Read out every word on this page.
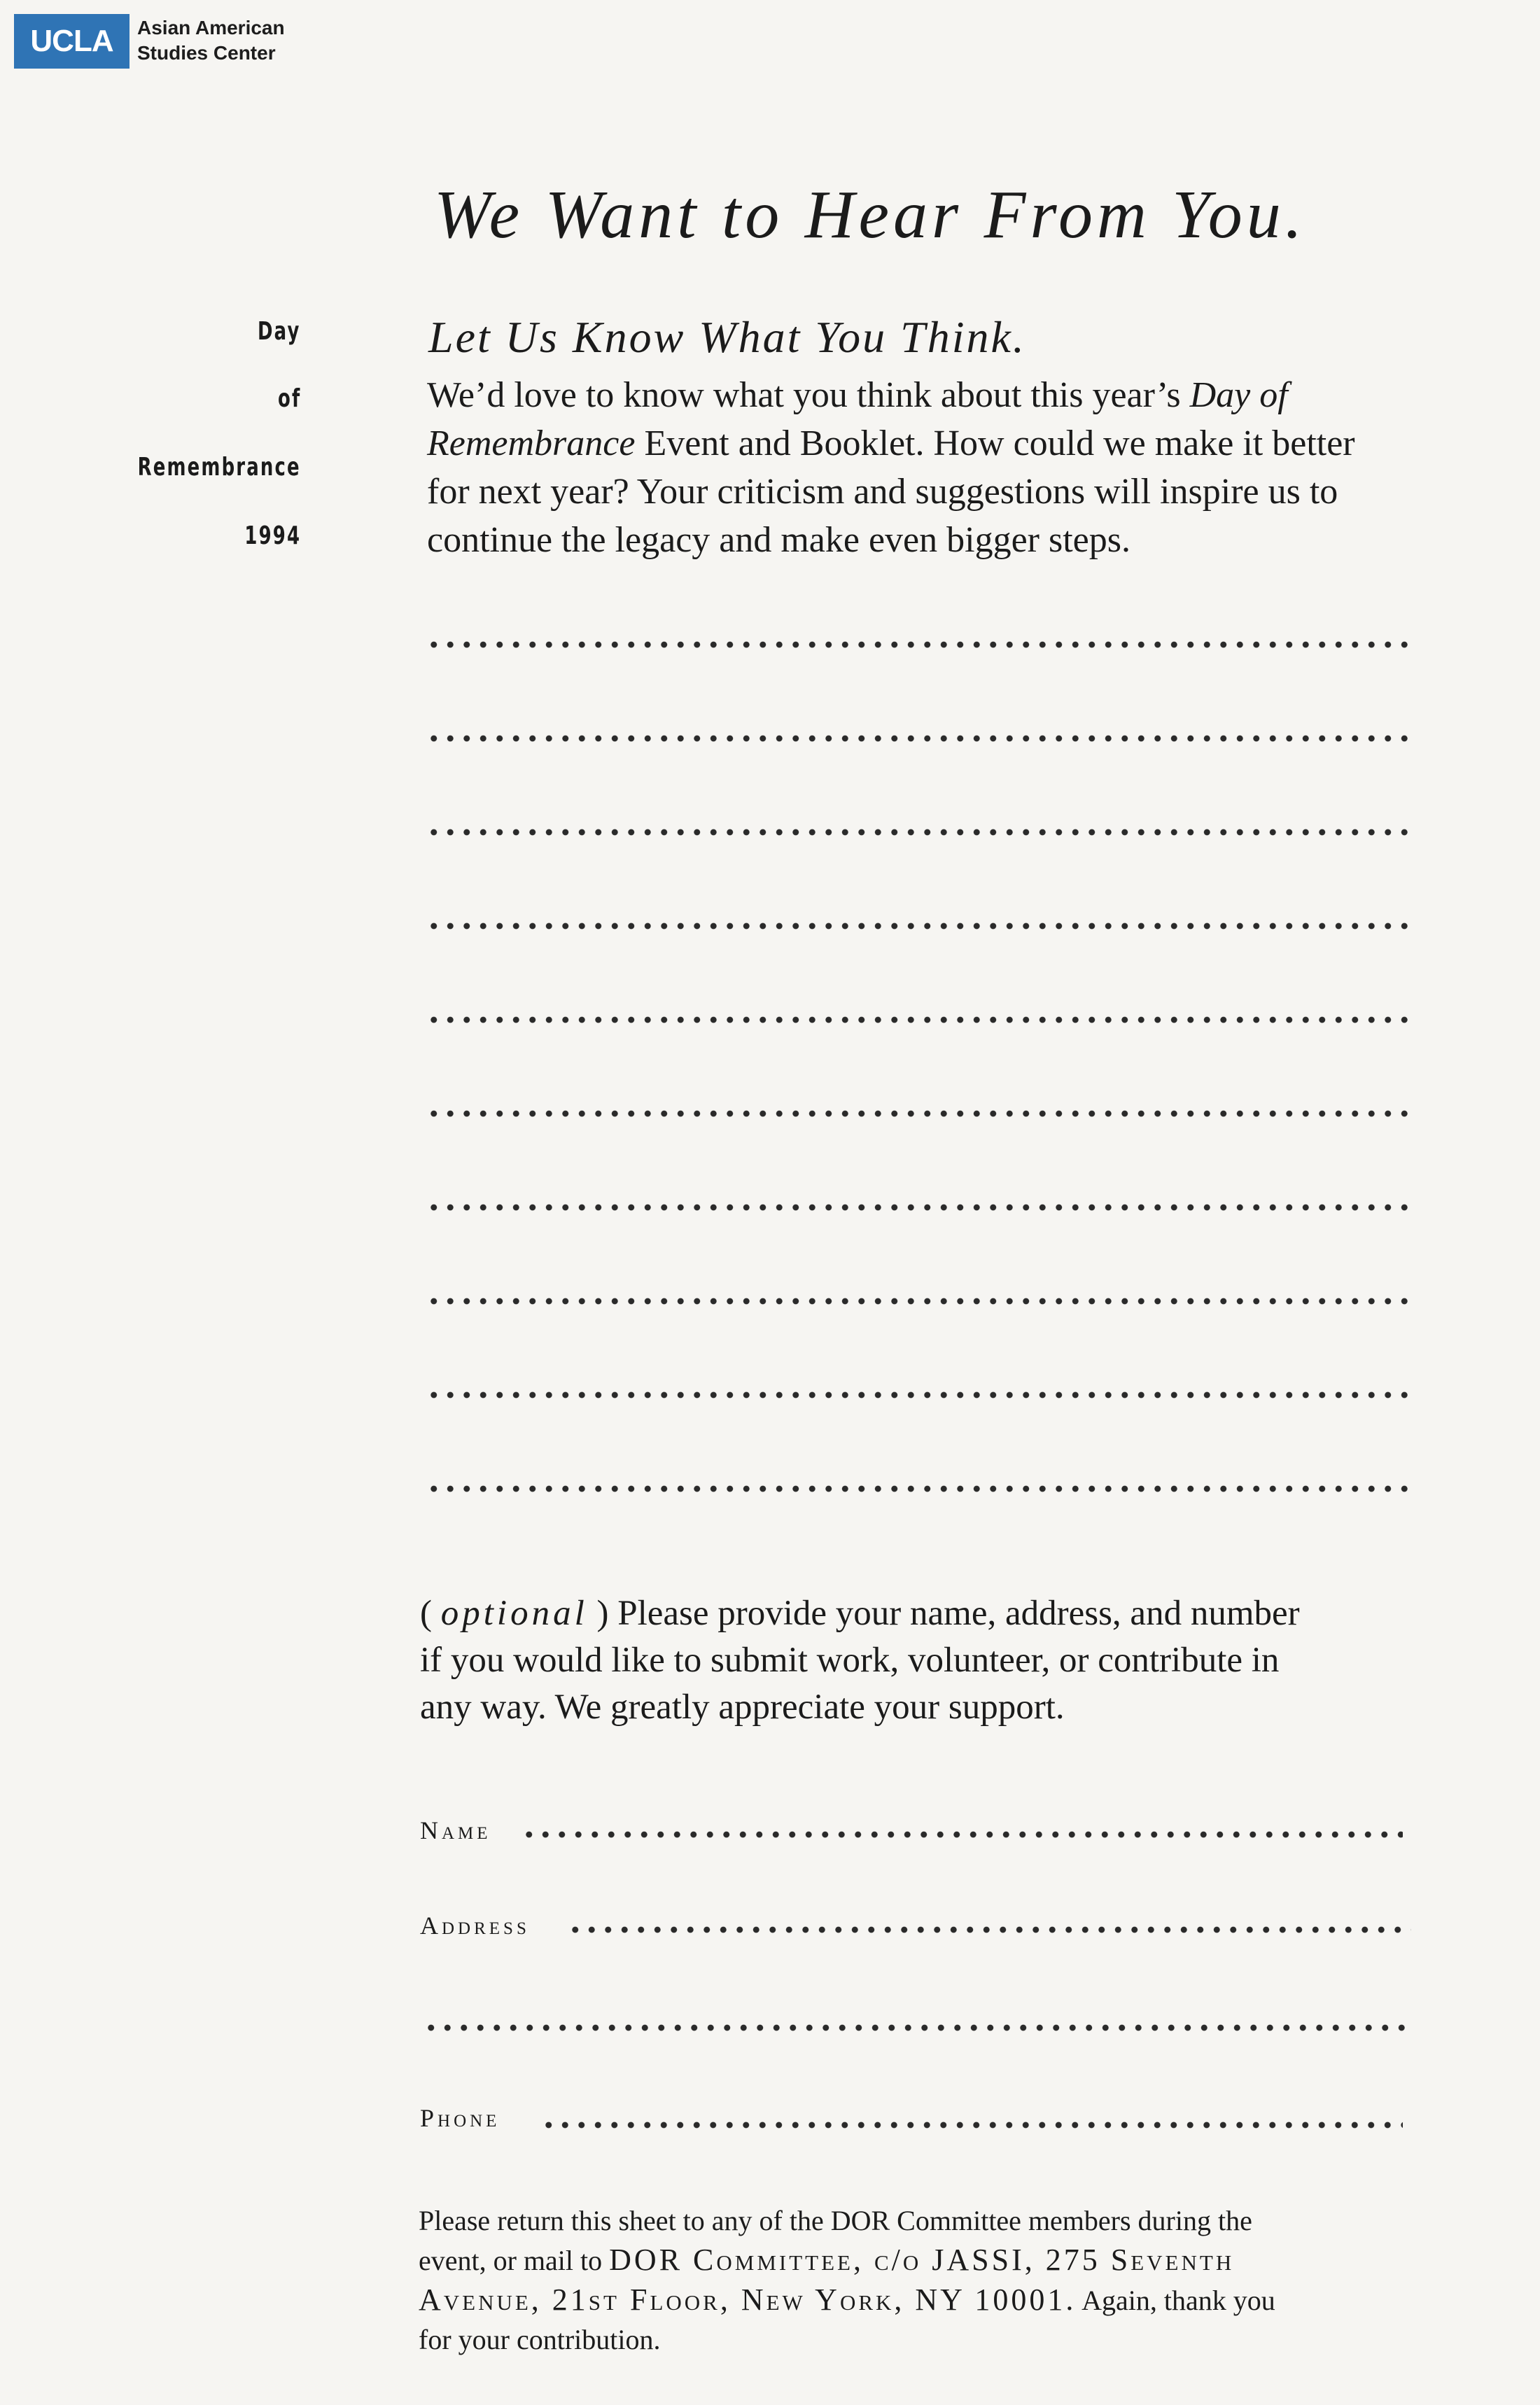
UCLA	Asian American
Studies Center
Day
of
Remembrance
1994
We Want to Hear From You.
Let Us Know What You Think.
We’d love to know what you think about this year’s Day of
Remembrance Event and Booklet. How could we make it better
for next year? Your criticism and suggestions will inspire us to
continue the legacy and make even bigger steps.
( optional ) Please provide your name, address, and number
if you would like to submit work, volunteer, or contribute in
any way. We greatly appreciate your support.
Name
Address
Phone
Please return this sheet to any of the DOR Committee members during the
event, or mail to DOR Committee, c/o JASSI, 275 Seventh
Avenue, 21st Floor, New York, NY 10001. Again, thank you
for your contribution.
